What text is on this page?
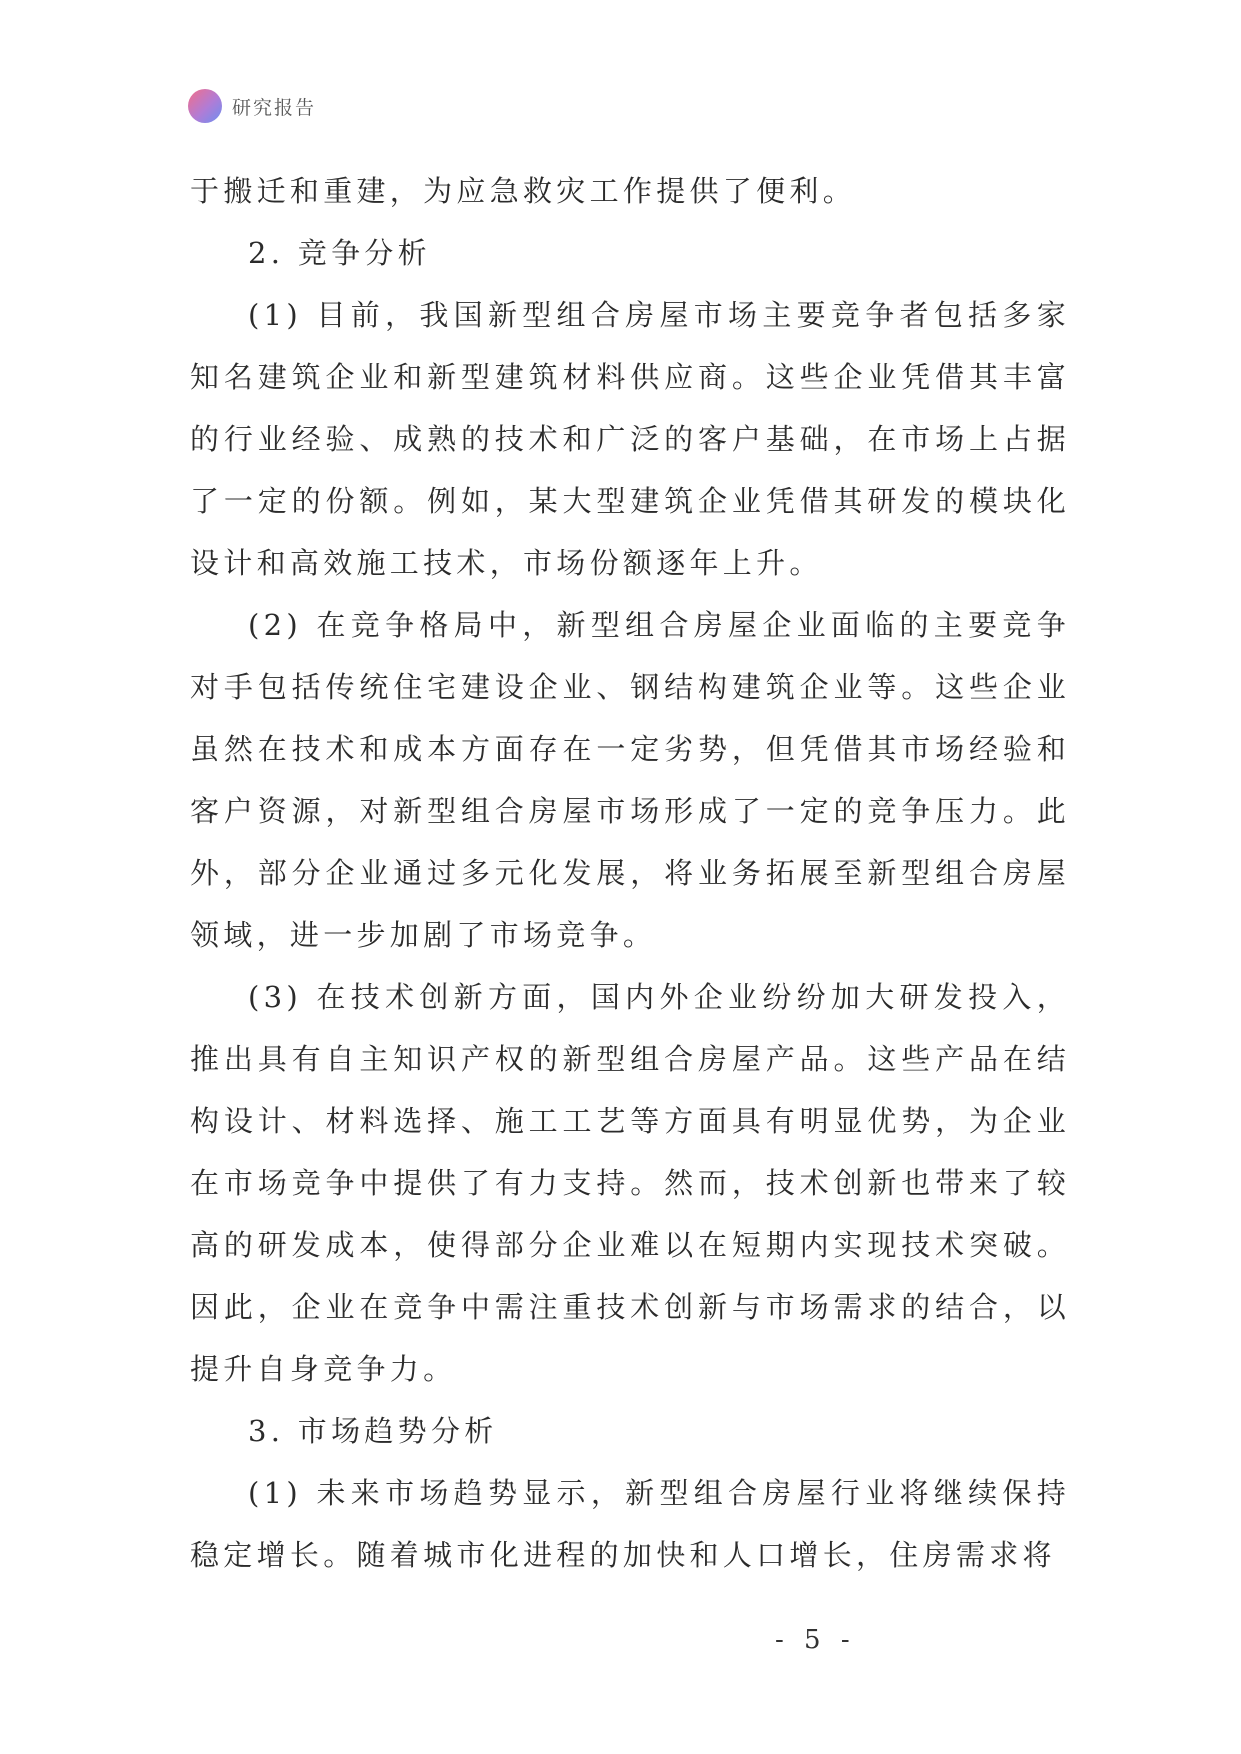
研究报告

于搬迁和重建，为应急救灾工作提供了便利。

2. 竞争分析

(1) 目前，我国新型组合房屋市场主要竞争者包括多家知名建筑企业和新型建筑材料供应商。这些企业凭借其丰富的行业经验、成熟的技术和广泛的客户基础，在市场上占据了一定的份额。例如，某大型建筑企业凭借其研发的模块化设计和高效施工技术，市场份额逐年上升。

(2) 在竞争格局中，新型组合房屋企业面临的主要竞争对手包括传统住宅建设企业、钢结构建筑企业等。这些企业虽然在技术和成本方面存在一定劣势，但凭借其市场经验和客户资源，对新型组合房屋市场形成了一定的竞争压力。此外，部分企业通过多元化发展，将业务拓展至新型组合房屋领域，进一步加剧了市场竞争。

(3) 在技术创新方面，国内外企业纷纷加大研发投入，推出具有自主知识产权的新型组合房屋产品。这些产品在结构设计、材料选择、施工工艺等方面具有明显优势，为企业在市场竞争中提供了有力支持。然而，技术创新也带来了较高的研发成本，使得部分企业难以在短期内实现技术突破。因此，企业在竞争中需注重技术创新与市场需求的结合，以提升自身竞争力。

3. 市场趋势分析

(1) 未来市场趋势显示，新型组合房屋行业将继续保持稳定增长。随着城市化进程的加快和人口增长，住房需求将

- 5 -
